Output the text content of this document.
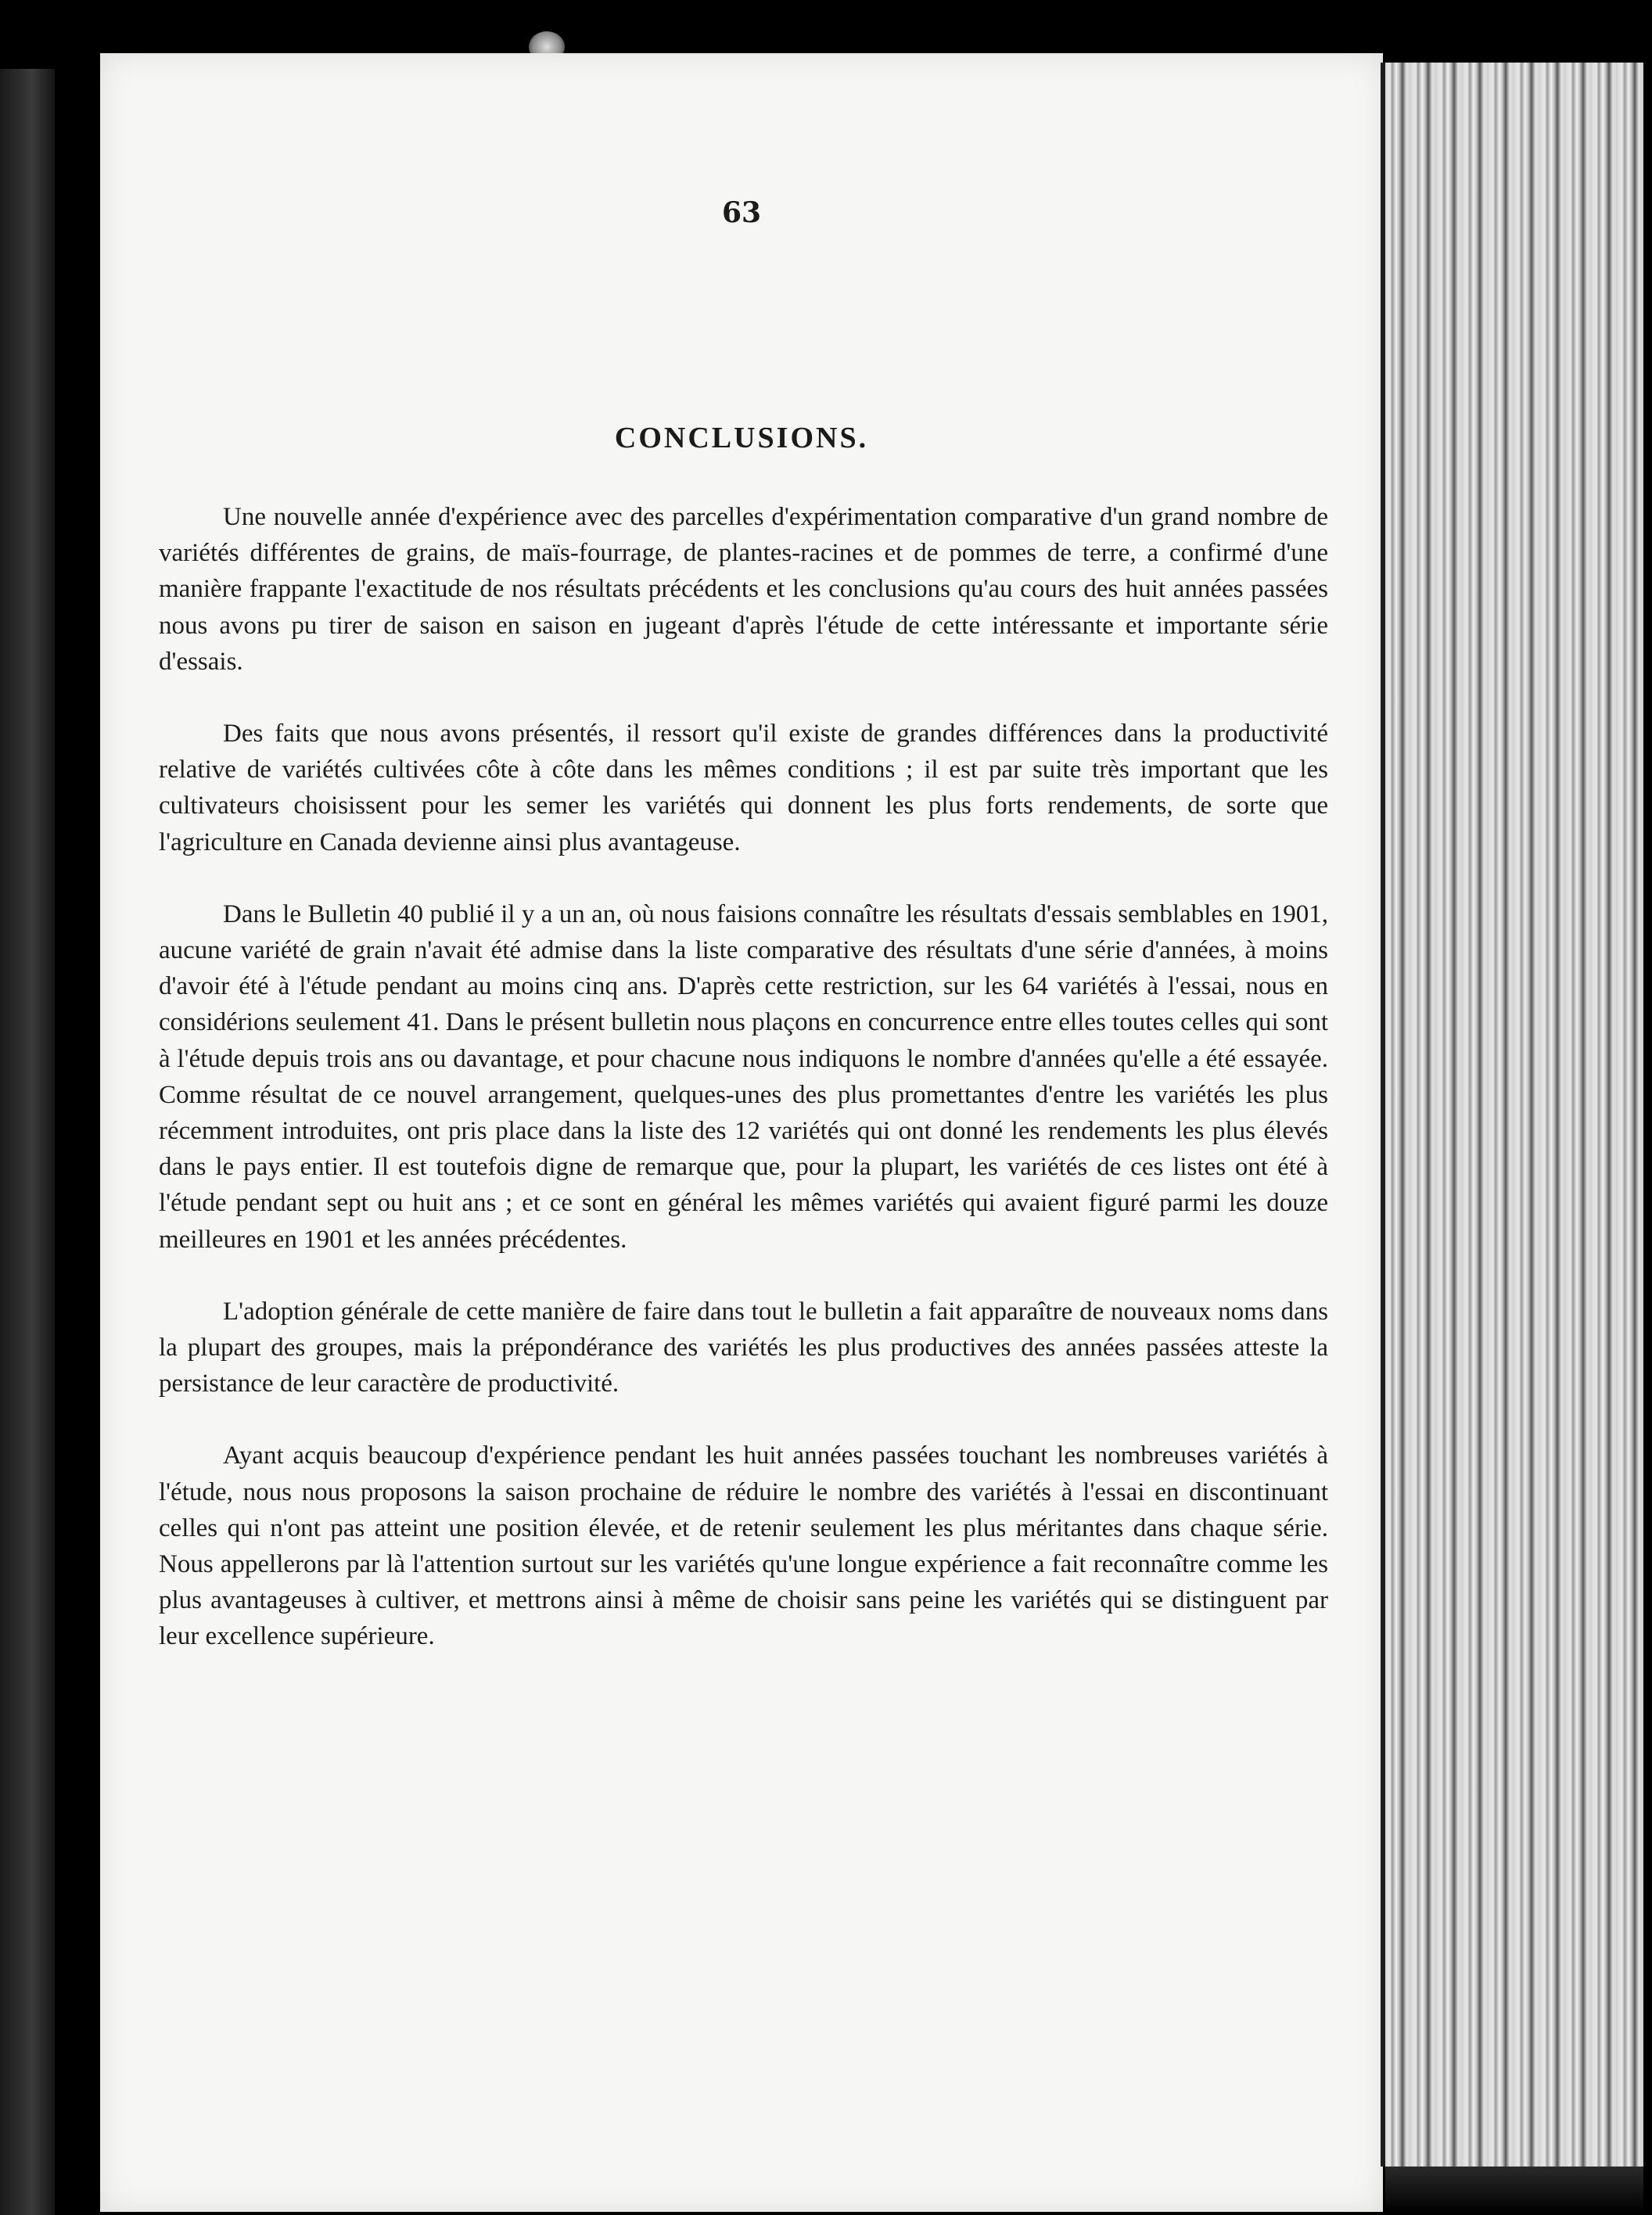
63
CONCLUSIONS.

Une nouvelle année d'expérience avec des parcelles d'expérimentation comparative d'un grand nombre de variétés différentes de grains, de maïs-fourrage, de plantes-racines et de pommes de terre, a confirmé d'une manière frappante l'exactitude de nos résultats précédents et les conclusions qu'au cours des huit années passées nous avons pu tirer de saison en saison en jugeant d'après l'étude de cette intéressante et importante série d'essais.

Des faits que nous avons présentés, il ressort qu'il existe de grandes différences dans la productivité relative de variétés cultivées côte à côte dans les mêmes conditions ; il est par suite très important que les cultivateurs choisissent pour les semer les variétés qui donnent les plus forts rendements, de sorte que l'agriculture en Canada devienne ainsi plus avantageuse.

Dans le Bulletin 40 publié il y a un an, où nous faisions connaître les résultats d'essais semblables en 1901, aucune variété de grain n'avait été admise dans la liste comparative des résultats d'une série d'années, à moins d'avoir été à l'étude pendant au moins cinq ans. D'après cette restriction, sur les 64 variétés à l'essai, nous en considérions seulement 41. Dans le présent bulletin nous plaçons en concurrence entre elles toutes celles qui sont à l'étude depuis trois ans ou davantage, et pour chacune nous indiquons le nombre d'années qu'elle a été essayée. Comme résultat de ce nouvel arrangement, quelques-unes des plus promettantes d'entre les variétés les plus récemment introduites, ont pris place dans la liste des 12 variétés qui ont donné les rendements les plus élevés dans le pays entier. Il est toutefois digne de remarque que, pour la plupart, les variétés de ces listes ont été à l'étude pendant sept ou huit ans ; et ce sont en général les mêmes variétés qui avaient figuré parmi les douze meilleures en 1901 et les années précédentes.

L'adoption générale de cette manière de faire dans tout le bulletin a fait apparaître de nouveaux noms dans la plupart des groupes, mais la prépondérance des variétés les plus productives des années passées atteste la persistance de leur caractère de productivité.

Ayant acquis beaucoup d'expérience pendant les huit années passées touchant les nombreuses variétés à l'étude, nous nous proposons la saison prochaine de réduire le nombre des variétés à l'essai en discontinuant celles qui n'ont pas atteint une position élevée, et de retenir seulement les plus méritantes dans chaque série. Nous appellerons par là l'attention surtout sur les variétés qu'une longue expérience a fait reconnaître comme les plus avantageuses à cultiver, et mettrons ainsi à même de choisir sans peine les variétés qui se distinguent par leur excellence supérieure.
